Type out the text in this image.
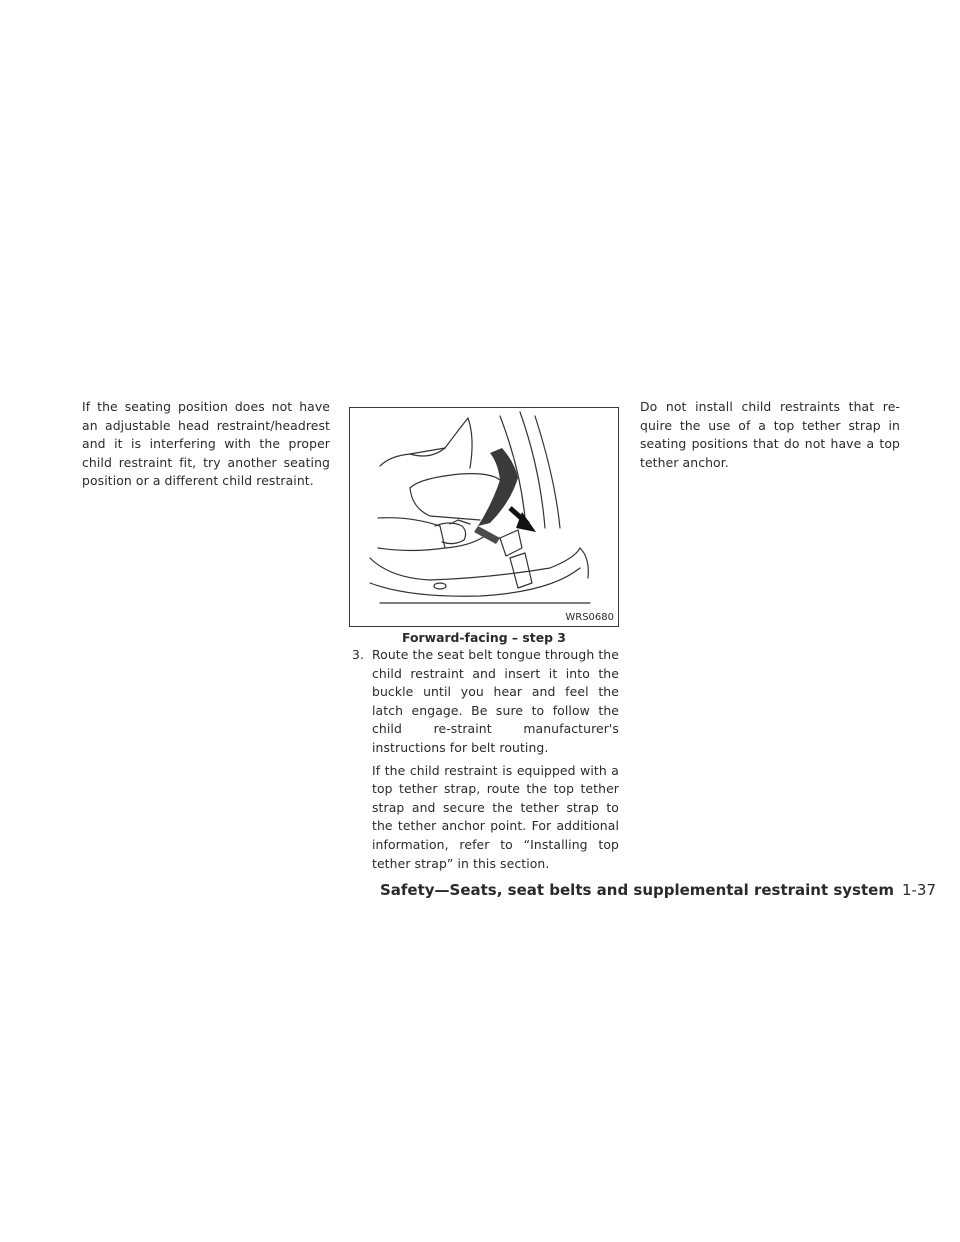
If the seating position does not have an adjustable head restraint/headrest and it is interfering with the proper child restraint fit, try another seating position or a different child restraint.

WRS0680
Forward-facing – step 3
3. Route the seat belt tongue through the child restraint and insert it into the buckle until you hear and feel the latch engage. Be sure to follow the child re-straint manufacturer's instructions for belt routing.

If the child restraint is equipped with a top tether strap, route the top tether strap and secure the tether strap to the tether anchor point. For additional information, refer to “Installing top tether strap” in this section.

Do not install child restraints that re-quire the use of a top tether strap in seating positions that do not have a top tether anchor.

Safety—Seats, seat belts and supplemental restraint system 1-37
